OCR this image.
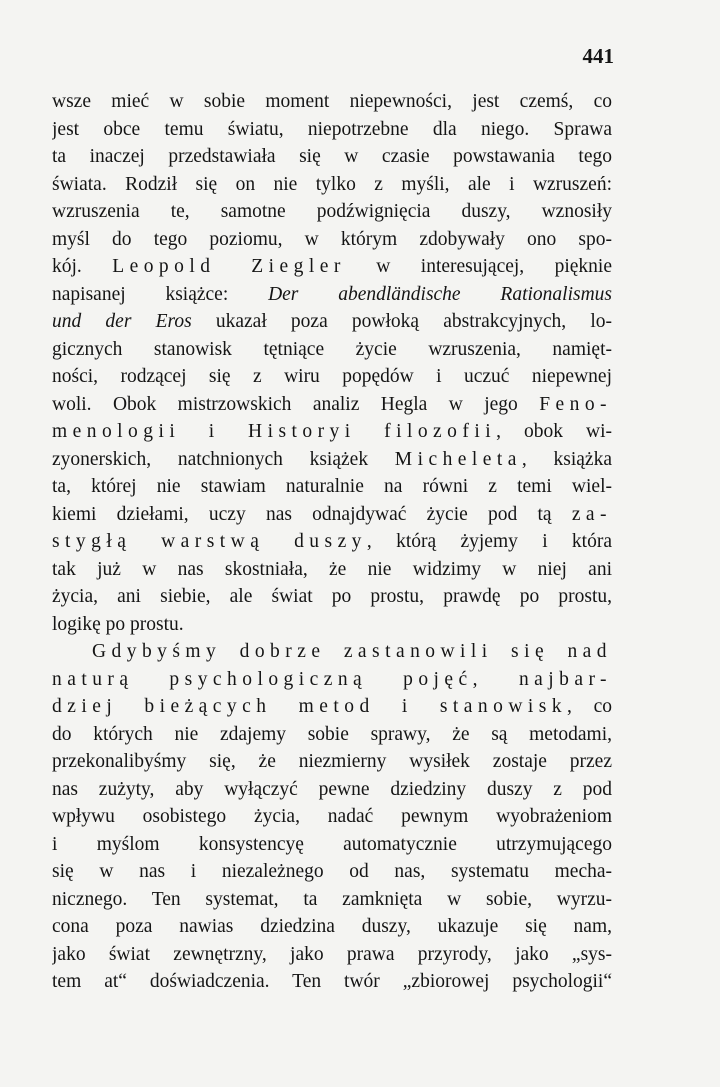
441
wsze mieć w sobie moment niepewności, jest czemś, co
jest obce temu światu, niepotrzebne dla niego. Sprawa
ta inaczej przedstawiała się w czasie powstawania tego
świata. Rodził się on nie tylko z myśli, ale i wzruszeń:
wzruszenia te, samotne podźwignięcia duszy, wznosiły
myśl do tego poziomu, w którym zdobywały ono spo-
kój. Leopold Ziegler w interesującej, pięknie
napisanej książce: Der abendländische Rationalismus
und der Eros ukazał poza powłoką abstrakcyjnych, lo-
gicznych stanowisk tętniące życie wzruszenia, namięt-
ności, rodzącej się z wiru popędów i uczuć niepewnej
woli. Obok mistrzowskich analiz Hegla w jego Feno-
menologii i Historyi filozofii, obok wi-
zyonerskich, natchnionych książek Micheleta, książka
ta, której nie stawiam naturalnie na równi z temi wiel-
kiemi dziełami, uczy nas odnajdywać życie pod tą za-
stygłą warstwą duszy, którą żyjemy i która
tak już w nas skostniała, że nie widzimy w niej ani
życia, ani siebie, ale świat po prostu, prawdę po prostu,
logikę po prostu.
Gdybyśmy dobrze zastanowili się nad
naturą psychologiczną pojęć, najbar-
dziej bieżących metod i stanowisk, co
do których nie zdajemy sobie sprawy, że są metodami,
przekonalibyśmy się, że niezmierny wysiłek zostaje przez
nas zużyty, aby wyłączyć pewne dziedziny duszy z pod
wpływu osobistego życia, nadać pewnym wyobrażeniom
i myślom konsystencyę automatycznie utrzymującego
się w nas i niezależnego od nas, systematu mecha-
nicznego. Ten systemat, ta zamknięta w sobie, wyrzu-
cona poza nawias dziedzina duszy, ukazuje się nam,
jako świat zewnętrzny, jako prawa przyrody, jako „sys-
tem at“ doświadczenia. Ten twór „zbiorowej psychologii“
